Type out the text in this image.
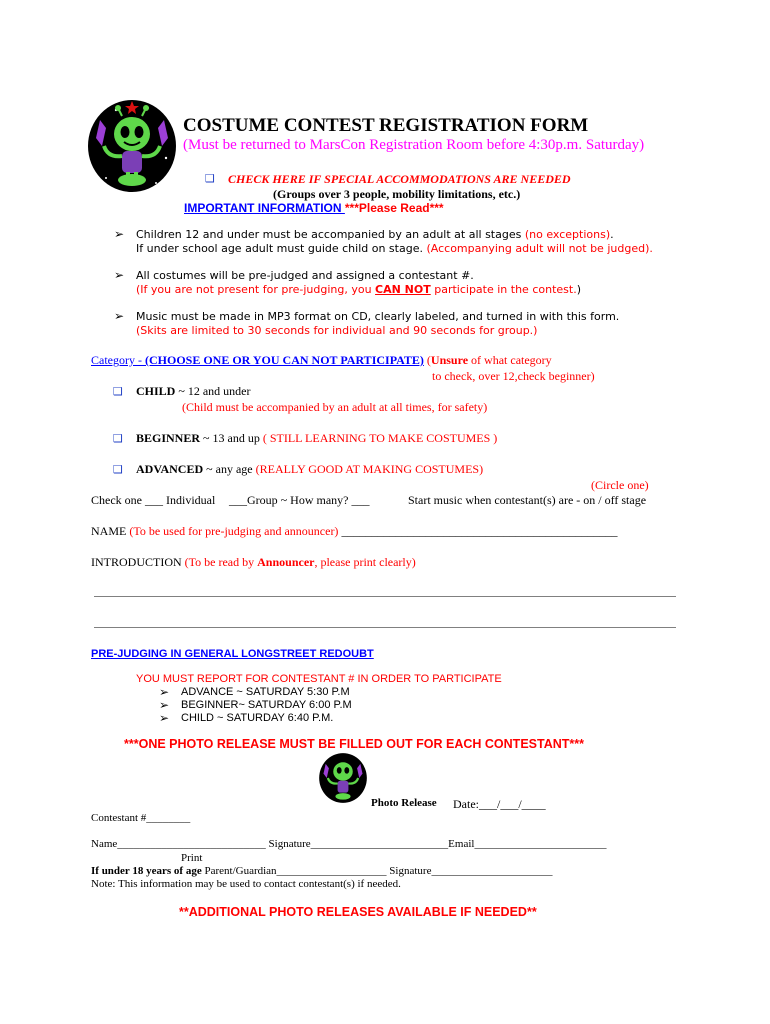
COSTUME CONTEST REGISTRATION FORM
(Must be returned to MarsCon Registration Room before 4:30p.m. Saturday)
❑ CHECK HERE IF SPECIAL ACCOMMODATIONS ARE NEEDED
(Groups over 3 people, mobility limitations, etc.)
IMPORTANT INFORMATION ***Please Read***
➢ Children 12 and under must be accompanied by an adult at all stages (no exceptions).
If under school age adult must guide child on stage. (Accompanying adult will not be judged).
➢ All costumes will be pre-judged and assigned a contestant #.
(If you are not present for pre-judging, you CAN NOT participate in the contest.)
➢ Music must be made in MP3 format on CD, clearly labeled, and turned in with this form.
(Skits are limited to 30 seconds for individual and 90 seconds for group.)
Category - (CHOOSE ONE OR YOU CAN NOT PARTICIPATE) (Unsure of what category
to check, over 12,check beginner)
❑ CHILD ~ 12 and under
(Child must be accompanied by an adult at all times, for safety)
❑ BEGINNER ~ 13 and up ( STILL LEARNING TO MAKE COSTUMES )
❑ ADVANCED ~ any age (REALLY GOOD AT MAKING COSTUMES)
(Circle one)
Check one ___ Individual ___Group ~ How many? ___	Start music when contestant(s) are - on / off stage
NAME (To be used for pre-judging and announcer) ______________________________________________
INTRODUCTION (To be read by Announcer, please print clearly)
PRE-JUDGING IN GENERAL LONGSTREET REDOUBT
YOU MUST REPORT FOR CONTESTANT # IN ORDER TO PARTICIPATE
➢ ADVANCE ~ SATURDAY 5:30 P.M
➢ BEGINNER~ SATURDAY 6:00 P.M
➢ CHILD ~ SATURDAY 6:40 P.M.
***ONE PHOTO RELEASE MUST BE FILLED OUT FOR EACH CONTESTANT***
Photo Release Date:___/___/____
Contestant #________
Name___________________________ Signature_________________________Email________________________
Print
If under 18 years of age Parent/Guardian____________________ Signature______________________
Note: This information may be used to contact contestant(s) if needed.
**ADDITIONAL PHOTO RELEASES AVAILABLE IF NEEDED**
